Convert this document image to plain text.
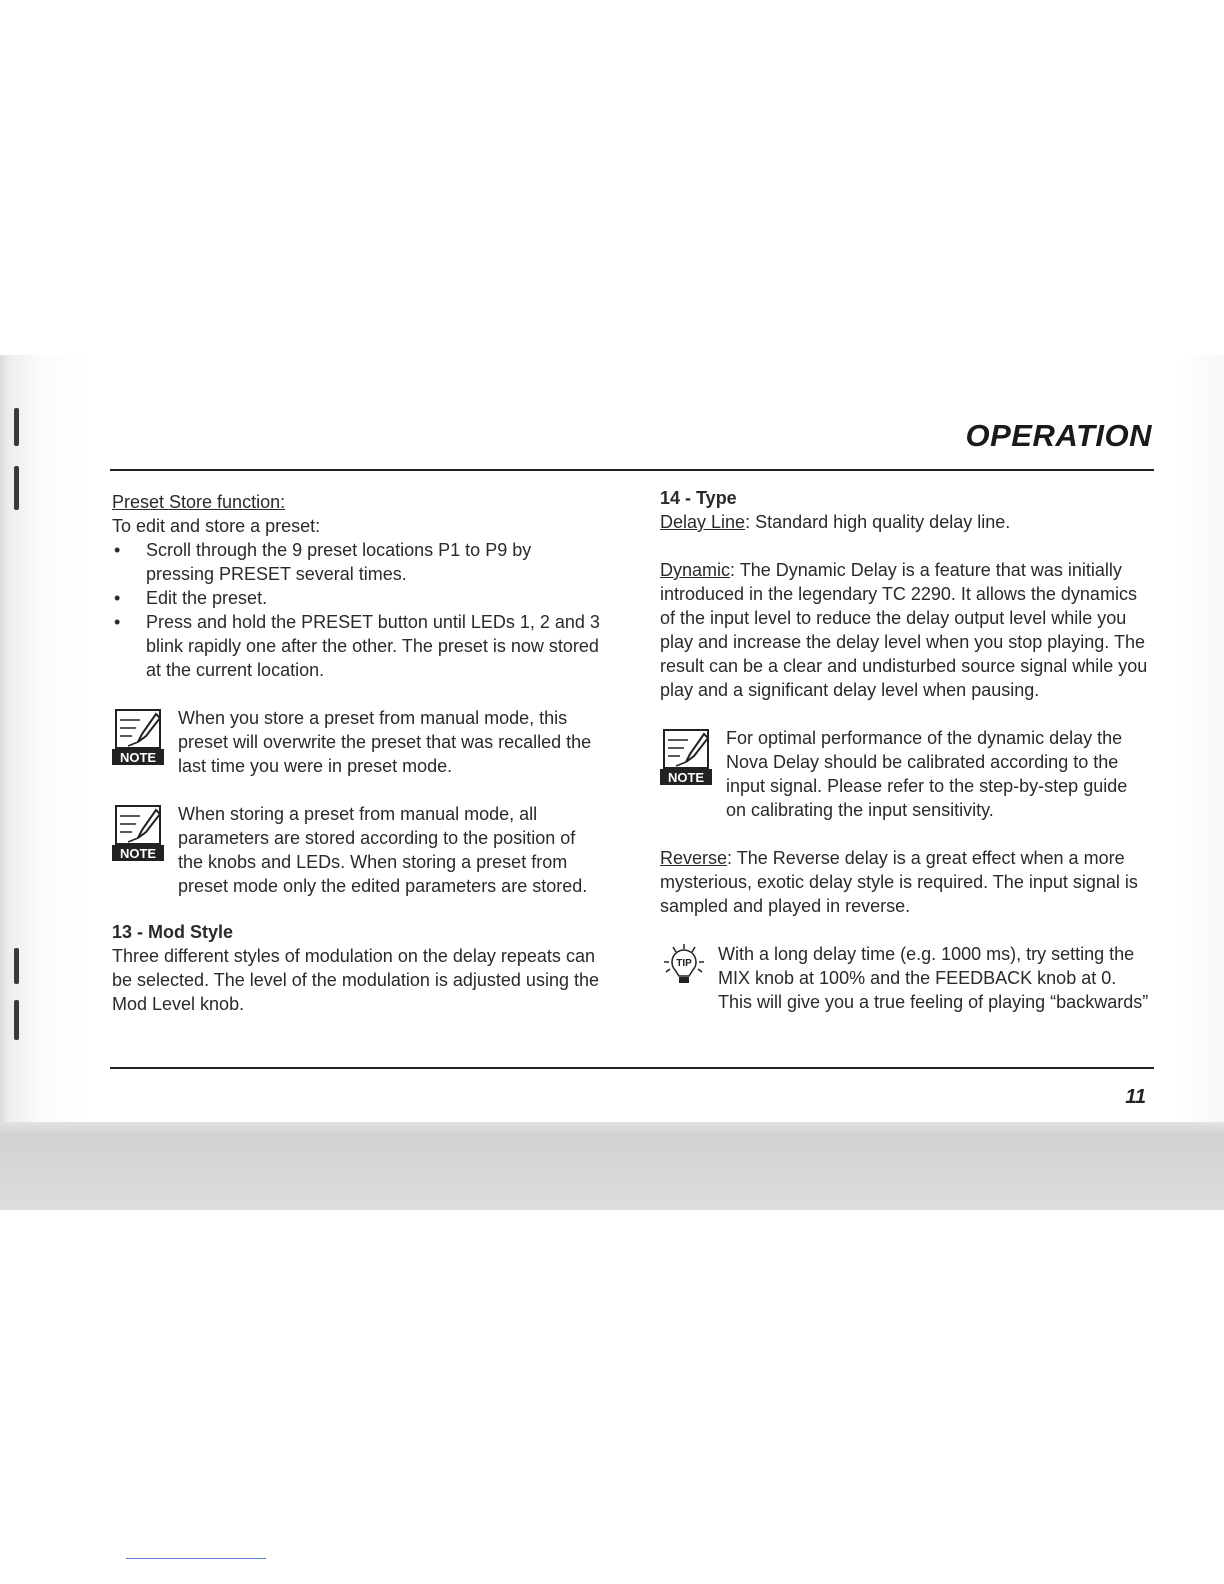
OPERATION
11

Preset Store function:

To edit and store a preset:

• Scroll through the 9 preset locations P1 to P9 by pressing PRESET several times.
• Edit the preset.
• Press and hold the PRESET button until LEDs 1, 2 and 3 blink rapidly one after the other. The preset is now stored at the current location.
NOTE

When you store a preset from manual mode, this preset will overwrite the preset that was recalled the last time you were in preset mode.

NOTE

When storing a preset from manual mode, all parameters are stored according to the position of the knobs and LEDs. When storing a preset from preset mode only the edited parameters are stored.

13 - Mod Style

Three different styles of modulation on the delay repeats can be selected. The level of the modulation is adjusted using the Mod Level knob.

14 - Type

Delay Line: Standard high quality delay line.

Dynamic: The Dynamic Delay is a feature that was initially introduced in the legendary TC 2290. It allows the dynamics of the input level to reduce the delay output level while you play and increase the delay level when you stop playing. The result can be a clear and undisturbed source signal while you play and a significant delay level when pausing.

NOTE

For optimal performance of the dynamic delay the Nova Delay should be calibrated according to the input signal. Please refer to the step-by-step guide on calibrating the input sensitivity.

Reverse: The Reverse delay is a great effect when a more mysterious, exotic delay style is required. The input signal is sampled and played in reverse.

TIP	With a long delay time (e.g. 1000 ms), try setting the MIX knob at 100% and the FEEDBACK knob at 0. This will give you a true feeling of playing “backwards”
